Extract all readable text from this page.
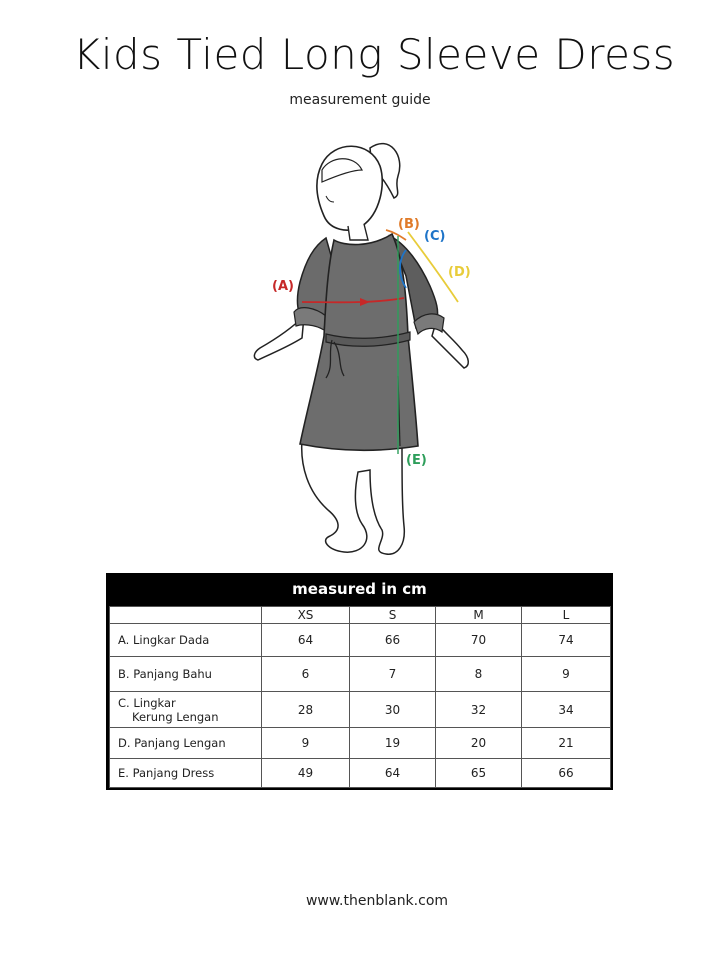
Kids Tied Long Sleeve Dress
measurement guide
(A)
(B)
(C)
(D)
(E)
measured in cm
	XS	S	M	L
A. Lingkar Dada	64	66	70	74
B. Panjang Bahu	6	7	8	9
C. Lingkar
Kerung Lengan	28	30	32	34
D. Panjang Lengan	9	19	20	21
E. Panjang Dress	49	64	65	66
www.thenblank.com
